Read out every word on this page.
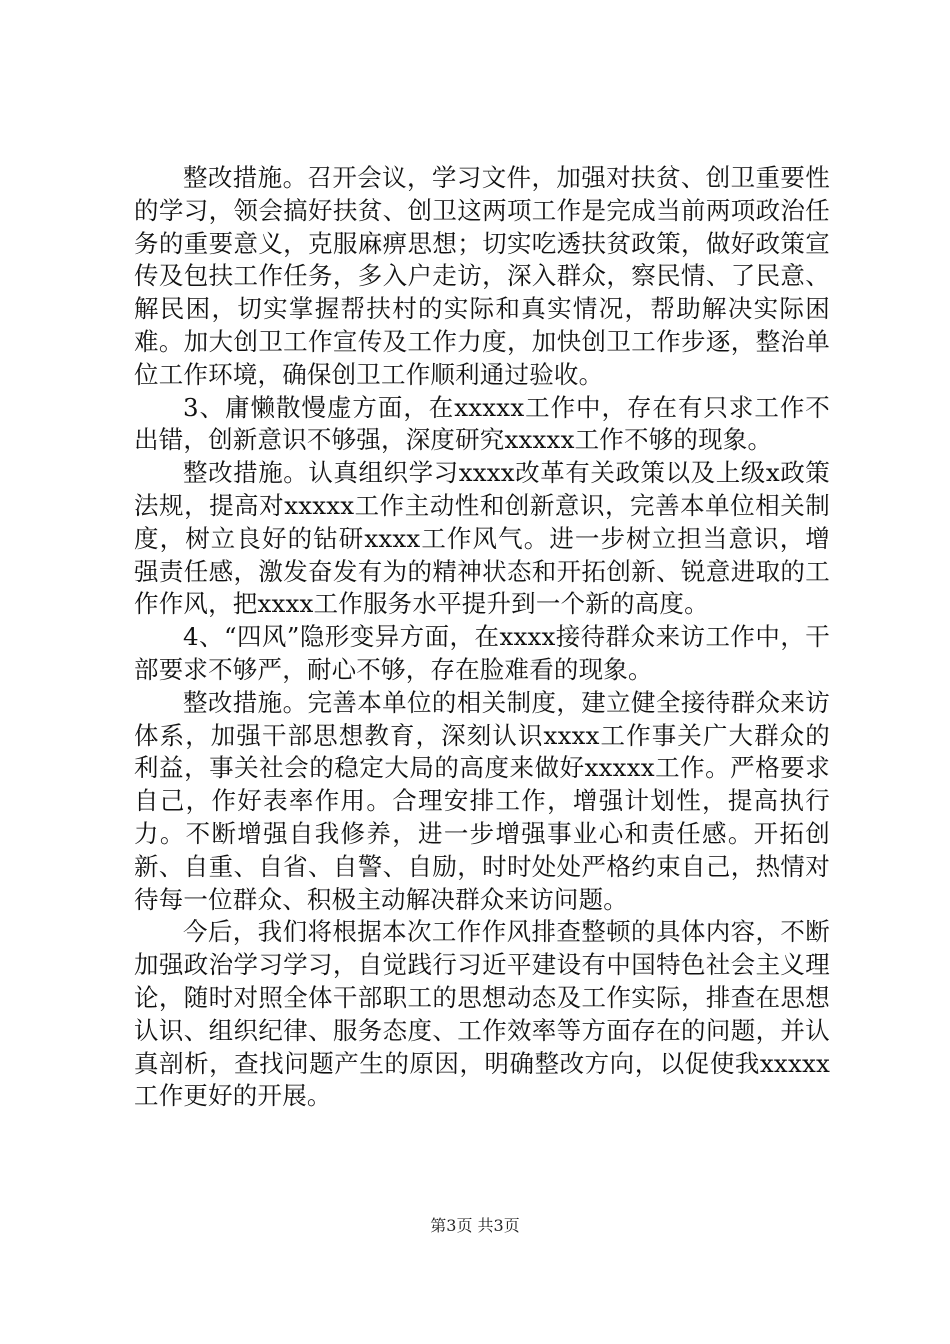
整改措施。召开会议，学习文件，加强对扶贫、创卫重要性的学习，领会搞好扶贫、创卫这两项工作是完成当前两项政治任务的重要意义，克服麻痹思想；切实吃透扶贫政策，做好政策宣传及包扶工作任务，多入户走访，深入群众，察民情、了民意、解民困，切实掌握帮扶村的实际和真实情况，帮助解决实际困难。加大创卫工作宣传及工作力度，加快创卫工作步逐，整治单位工作环境，确保创卫工作顺利通过验收。

3、庸懒散慢虚方面，在xxxxx工作中，存在有只求工作不出错，创新意识不够强，深度研究xxxxx工作不够的现象。

整改措施。认真组织学习xxxx改革有关政策以及上级x政策法规，提高对xxxxx工作主动性和创新意识，完善本单位相关制度，树立良好的钻研xxxx工作风气。进一步树立担当意识，增强责任感，激发奋发有为的精神状态和开拓创新、锐意进取的工作作风，把xxxx工作服务水平提升到一个新的高度。

4、“四风”隐形变异方面，在xxxx接待群众来访工作中，干部要求不够严，耐心不够，存在脸难看的现象。

整改措施。完善本单位的相关制度，建立健全接待群众来访体系，加强干部思想教育，深刻认识xxxx工作事关广大群众的利益，事关社会的稳定大局的高度来做好xxxxx工作。严格要求自己，作好表率作用。合理安排工作，增强计划性，提高执行力。不断增强自我修养，进一步增强事业心和责任感。开拓创新、自重、自省、自警、自励，时时处处严格约束自己，热情对待每一位群众、积极主动解决群众来访问题。

今后，我们将根据本次工作作风排查整顿的具体内容，不断加强政治学习学习，自觉践行习近平建设有中国特色社会主义理论，随时对照全体干部职工的思想动态及工作实际，排查在思想认识、组织纪律、服务态度、工作效率等方面存在的问题，并认真剖析，查找问题产生的原因，明确整改方向，以促使我xxxxx工作更好的开展。

第3页 共3页
